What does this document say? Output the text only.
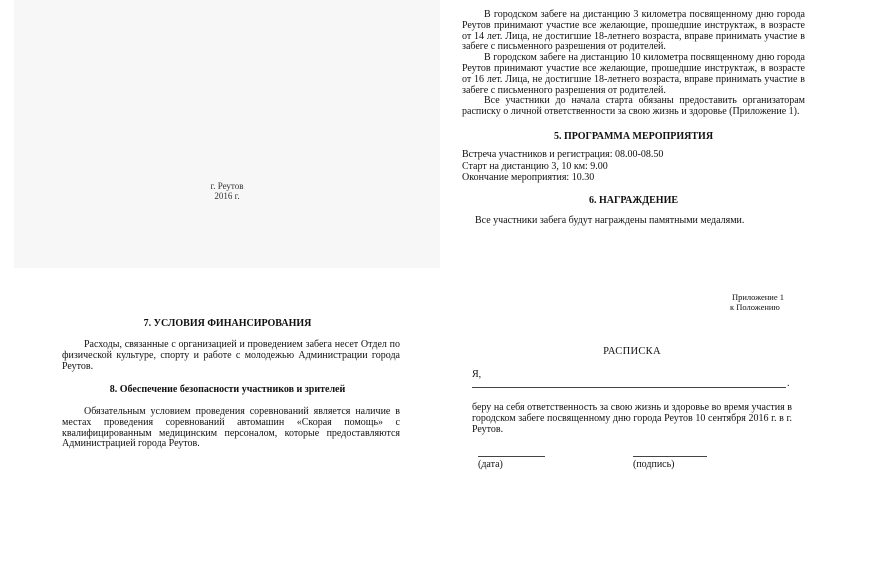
г. Реутов
2016 г.

В городском забеге на дистанцию 3 километра посвященному дню города Реутов принимают участие все желающие, прошедшие инструктаж, в возрасте от 14 лет. Лица, не достигшие 18-летнего возраста, вправе принимать участие в забеге с письменного разрешения от родителей.

В городском забеге на дистанцию 10 километра посвященному дню города Реутов принимают участие все желающие, прошедшие инструктаж, в возрасте от 16 лет. Лица, не достигшие 18-летнего возраста, вправе принимать участие в забеге с письменного разрешения от родителей.

Все участники до начала старта обязаны предоставить организаторам расписку о личной ответственности за свою жизнь и здоровье (Приложение 1).

5. ПРОГРАММА МЕРОПРИЯТИЯ

Встреча участников и регистрация: 08.00-08.50

Старт на дистанцию 3, 10 км: 9.00

Окончание мероприятия: 10.30

6. НАГРАЖДЕНИЕ

Все участники забега будут награждены памятными медалями.
Приложение 1
к Положению
РАСПИСКА
Я,
.

беру на себя ответственность за свою жизнь и здоровье во время участия в городском забеге посвященному дню города Реутов 10 сентября 2016 г. в г. Реутов.

(дата)	(подпись)

7. УСЛОВИЯ ФИНАНСИРОВАНИЯ

Расходы, связанные с организацией и проведением забега несет Отдел по физической культуре, спорту и работе с молодежью Администрации города Реутов.

8. Обеспечение безопасности участников и зрителей

Обязательным условием проведения соревнований является наличие в местах проведения соревнований автомашин «Скорая помощь» с квалифицированным медицинским персоналом, которые предоставляются Администрацией города Реутов.
